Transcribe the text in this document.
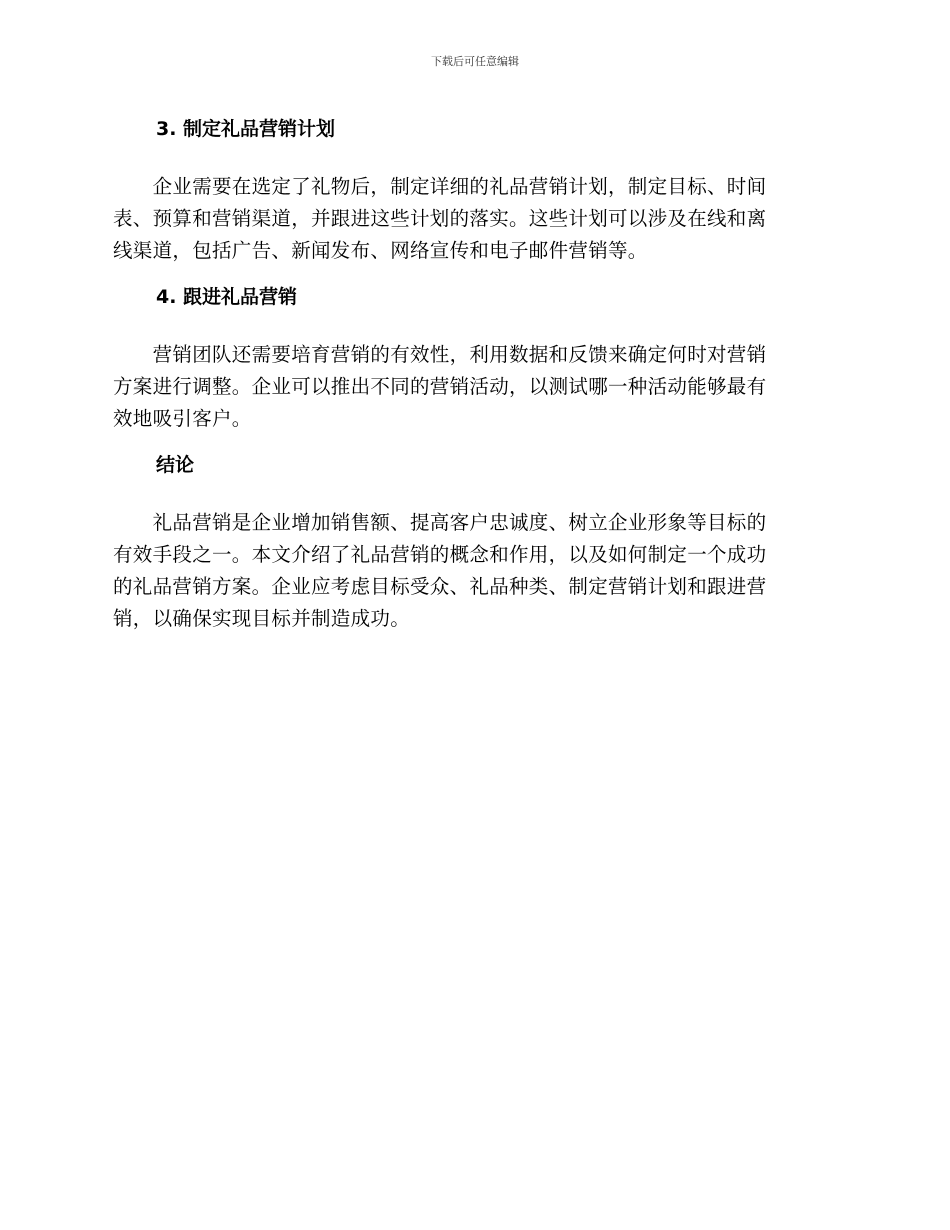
下载后可任意编辑
3. 制定礼品营销计划

　　企业需要在选定了礼物后，制定详细的礼品营销计划，制定目标、时间
表、预算和营销渠道，并跟进这些计划的落实。这些计划可以涉及在线和离
线渠道，包括广告、新闻发布、网络宣传和电子邮件营销等。

4. 跟进礼品营销

　　营销团队还需要培育营销的有效性，利用数据和反馈来确定何时对营销
方案进行调整。企业可以推出不同的营销活动，以测试哪一种活动能够最有
效地吸引客户。

结论

　　礼品营销是企业增加销售额、提高客户忠诚度、树立企业形象等目标的
有效手段之一。本文介绍了礼品营销的概念和作用，以及如何制定一个成功
的礼品营销方案。企业应考虑目标受众、礼品种类、制定营销计划和跟进营
销，以确保实现目标并制造成功。
